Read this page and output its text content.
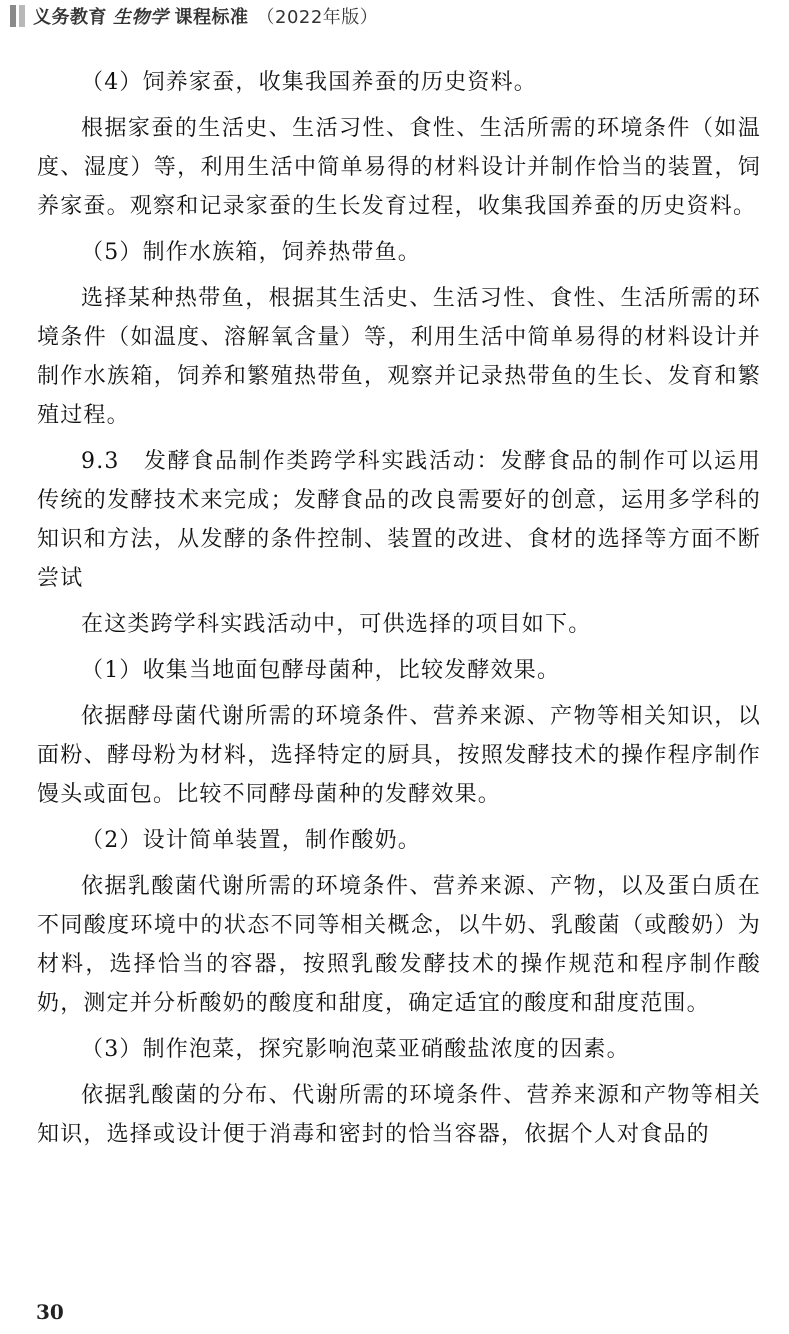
义务教育 生物学 课程标准 （2022年版）

（4）饲养家蚕，收集我国养蚕的历史资料。

根据家蚕的生活史、生活习性、食性、生活所需的环境条件（如温度、湿度）等，利用生活中简单易得的材料设计并制作恰当的装置，饲养家蚕。观察和记录家蚕的生长发育过程，收集我国养蚕的历史资料。

（5）制作水族箱，饲养热带鱼。

选择某种热带鱼，根据其生活史、生活习性、食性、生活所需的环境条件（如温度、溶解氧含量）等，利用生活中简单易得的材料设计并制作水族箱，饲养和繁殖热带鱼，观察并记录热带鱼的生长、发育和繁殖过程。

9.3　发酵食品制作类跨学科实践活动：发酵食品的制作可以运用传统的发酵技术来完成；发酵食品的改良需要好的创意，运用多学科的知识和方法，从发酵的条件控制、装置的改进、食材的选择等方面不断尝试

在这类跨学科实践活动中，可供选择的项目如下。

（1）收集当地面包酵母菌种，比较发酵效果。

依据酵母菌代谢所需的环境条件、营养来源、产物等相关知识，以面粉、酵母粉为材料，选择特定的厨具，按照发酵技术的操作程序制作馒头或面包。比较不同酵母菌种的发酵效果。

（2）设计简单装置，制作酸奶。

依据乳酸菌代谢所需的环境条件、营养来源、产物，以及蛋白质在不同酸度环境中的状态不同等相关概念，以牛奶、乳酸菌（或酸奶）为材料，选择恰当的容器，按照乳酸发酵技术的操作规范和程序制作酸奶，测定并分析酸奶的酸度和甜度，确定适宜的酸度和甜度范围。

（3）制作泡菜，探究影响泡菜亚硝酸盐浓度的因素。

依据乳酸菌的分布、代谢所需的环境条件、营养来源和产物等相关知识，选择或设计便于消毒和密封的恰当容器，依据个人对食品的

30
